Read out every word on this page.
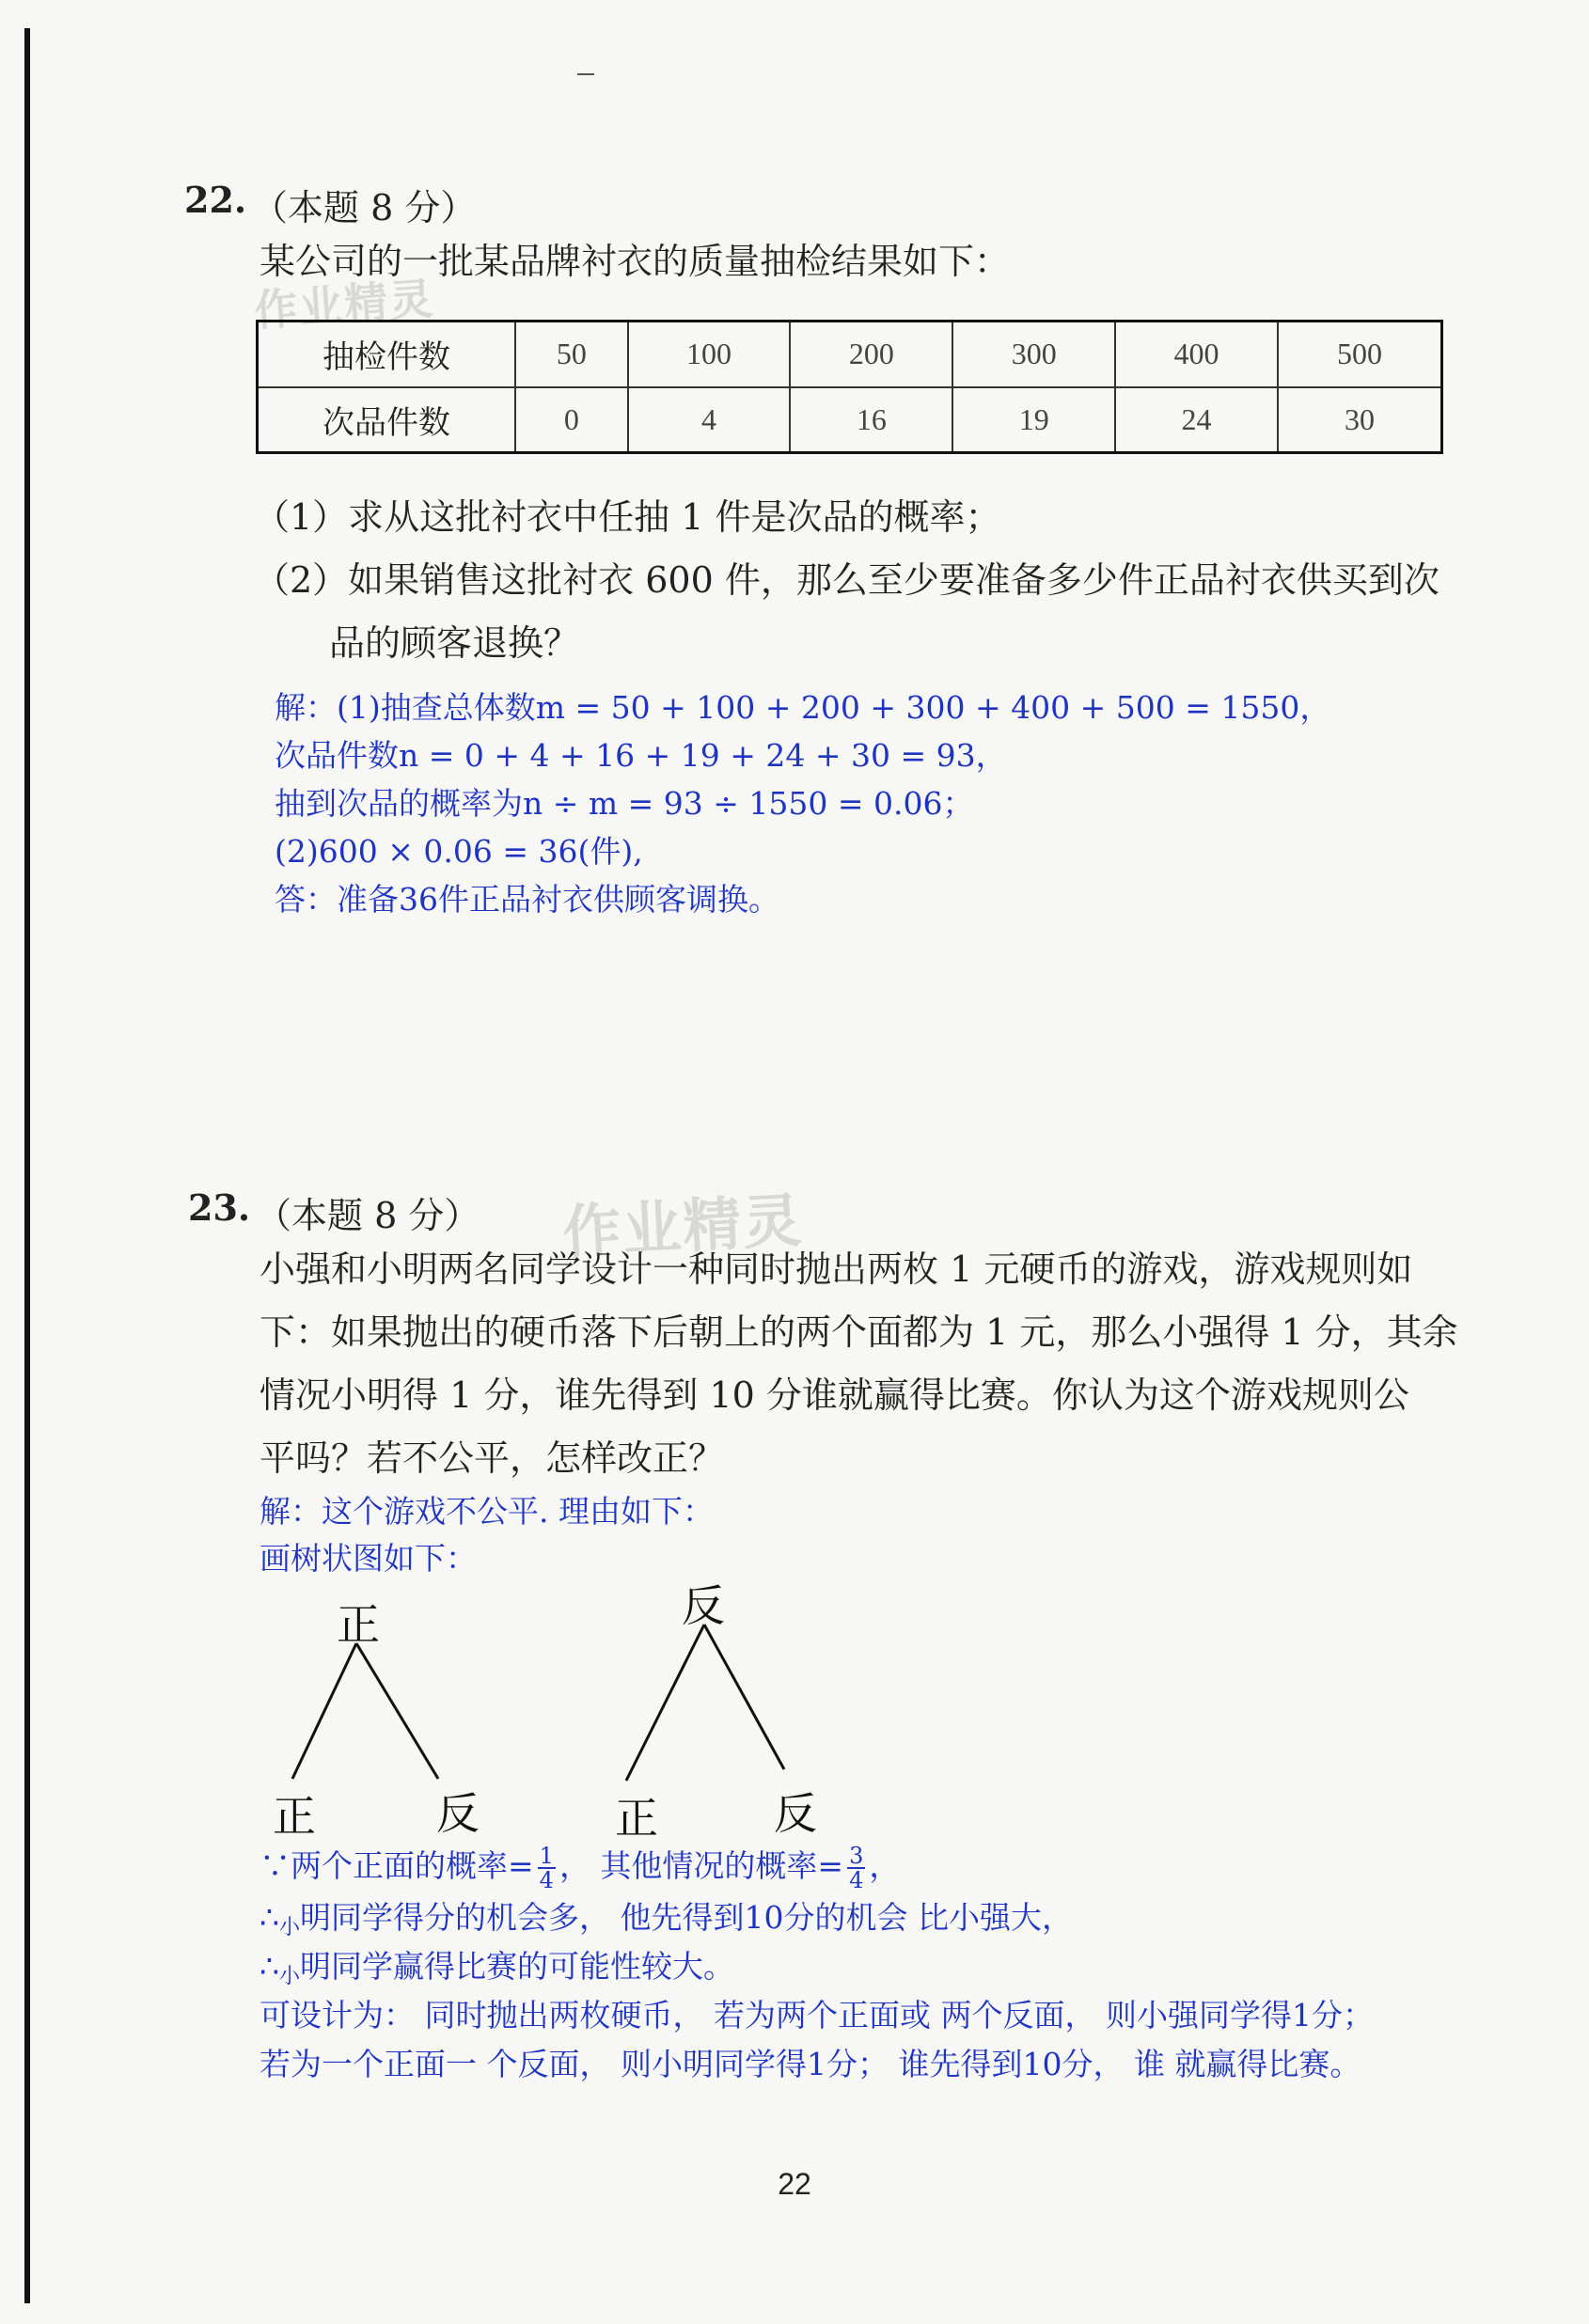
22. （本题 8 分）
某公司的一批某品牌衬衣的质量抽检结果如下：
作业精灵
抽检件数	50	100	200	300	400	500
次品件数	0	4	16	19	24	30
（1）求从这批衬衣中任抽 1 件是次品的概率；
（2）如果销售这批衬衣 600 件，那么至少要准备多少件正品衬衣供买到次
品的顾客退换？
解：(1)抽查总体数m = 50 + 100 + 200 + 300 + 400 + 500 = 1550，
次品件数n = 0 + 4 + 16 + 19 + 24 + 30 = 93，
抽到次品的概率为n ÷ m = 93 ÷ 1550 = 0.06；
(2)600 × 0.06 = 36(件),
答：准备36件正品衬衣供顾客调换。
23. （本题 8 分） 作业精灵
小强和小明两名同学设计一种同时抛出两枚 1 元硬币的游戏，游戏规则如
下：如果抛出的硬币落下后朝上的两个面都为 1 元，那么小强得 1 分，其余
情况小明得 1 分，谁先得到 10 分谁就赢得比赛。你认为这个游戏规则公
平吗？若不公平，怎样改正？
解：这个游戏不公平. 理由如下：
画树状图如下：
正
正	反
反
正	反
∵两个正面的概率= $\frac{1}{4}$ ， 其他情况的概率= $\frac{3}{4}$ ，
$\therefore_小$明同学得分的机会多， 他先得到10分的机会 比小强大，
$\therefore_小$明同学赢得比赛的可能性较大。
可设计为： 同时抛出两枚硬币， 若为两个正面或 两个反面， 则小强同学得1分；
若为一个正面一 个反面， 则小明同学得1分； 谁先得到10分， 谁 就赢得比赛。
22
